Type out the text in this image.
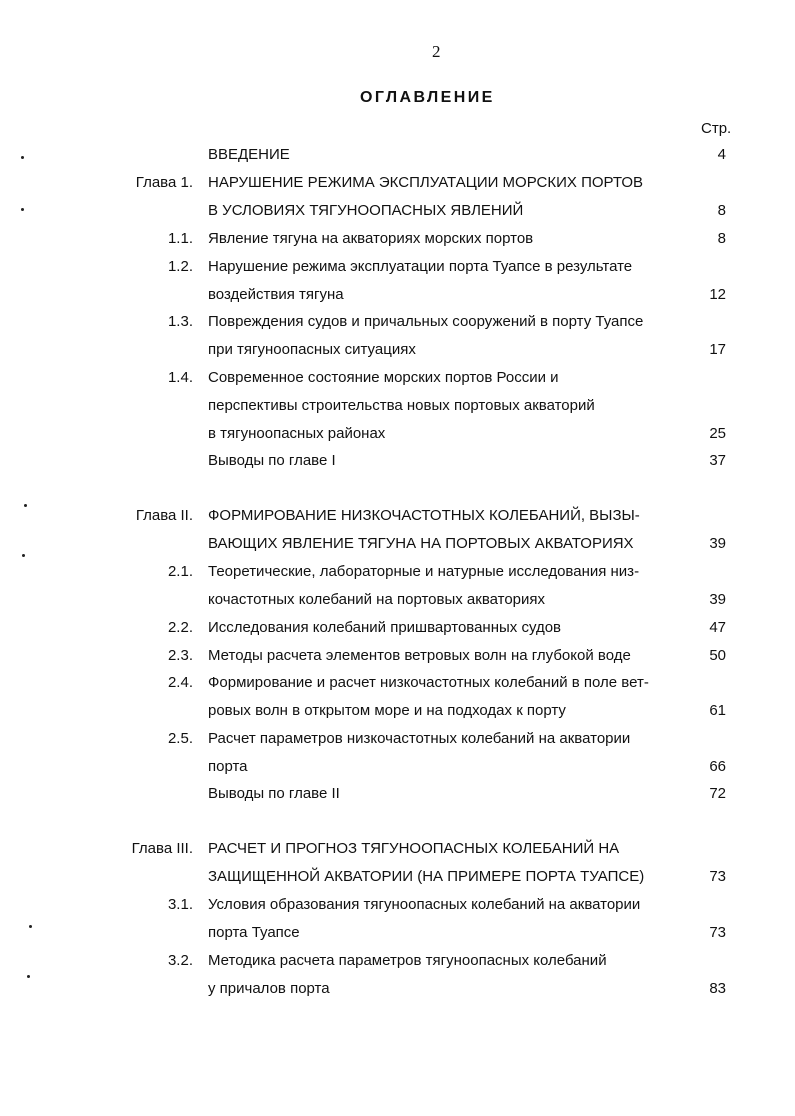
2
ОГЛАВЛЕНИЕ
Стр.
ВВЕДЕНИЕ	4
Глава 1. НАРУШЕНИЕ РЕЖИМА ЭКСПЛУАТАЦИИ МОРСКИХ ПОРТОВ
В УСЛОВИЯХ ТЯГУНООПАСНЫХ ЯВЛЕНИЙ	8
1.1. Явление тягуна на акваториях морских портов	8
1.2. Нарушение режима эксплуатации порта Туапсе в результате
воздействия тягуна	12
1.3. Повреждения судов и причальных сооружений в порту Туапсе
при тягуноопасных ситуациях	17
1.4. Современное состояние морских портов России и
перспективы строительства новых портовых акваторий
в тягуноопасных районах	25
Выводы по главе I	37
Глава II. ФОРМИРОВАНИЕ НИЗКОЧАСТОТНЫХ КОЛЕБАНИЙ, ВЫЗЫ-
ВАЮЩИХ ЯВЛЕНИЕ ТЯГУНА НА ПОРТОВЫХ АКВАТОРИЯХ	39
2.1. Теоретические, лабораторные и натурные исследования низ-
кочастотных колебаний на портовых акваториях	39
2.2. Исследования колебаний пришвартованных судов	47
2.3. Методы расчета элементов ветровых волн на глубокой воде	50
2.4. Формирование и расчет низкочастотных колебаний в поле вет-
ровых волн в открытом море и на подходах к порту	61
2.5. Расчет параметров низкочастотных колебаний на акватории
порта	66
Выводы по главе II	72
Глава III. РАСЧЕТ И ПРОГНОЗ ТЯГУНООПАСНЫХ КОЛЕБАНИЙ НА
ЗАЩИЩЕННОЙ АКВАТОРИИ (НА ПРИМЕРЕ ПОРТА ТУАПСЕ)	73
3.1. Условия образования тягуноопасных колебаний на акватории
порта Туапсе	73
3.2. Методика расчета параметров тягуноопасных колебаний
у причалов порта	83
